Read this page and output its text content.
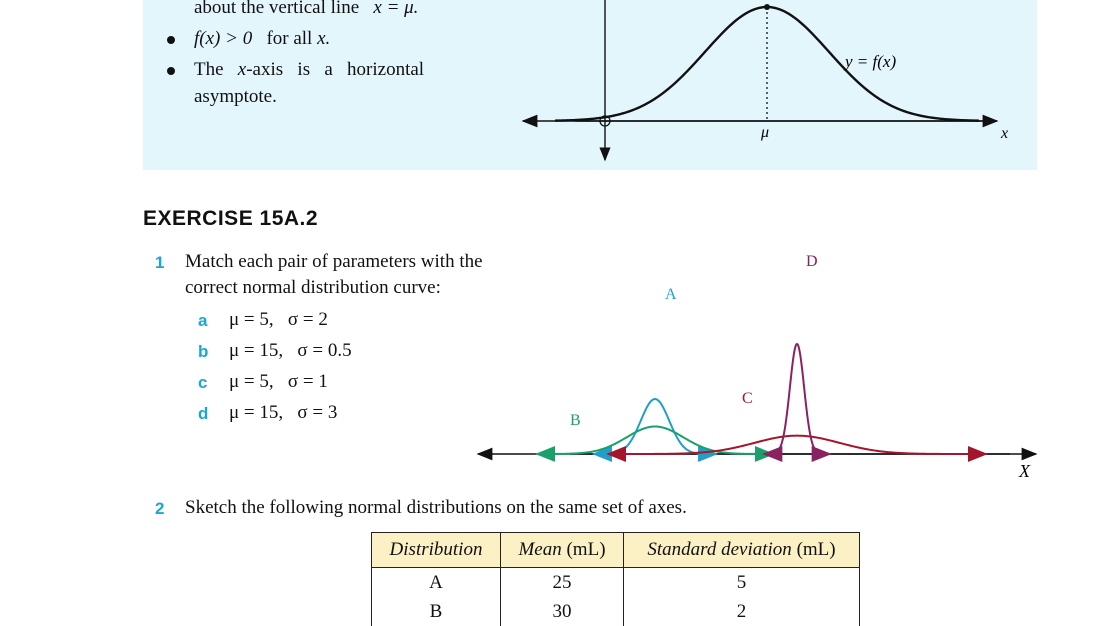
about the vertical line x = μ.
f(x) > 0 for all x.
The x-axis   is   a   horizontal
asymptote.
y = f(x)
μ	x
EXERCISE 15A.2
1 Match each pair of parameters with the
correct normal distribution curve:
a μ = 5,   σ = 2
b μ = 15,   σ = 0.5
c μ = 5,   σ = 1
d μ = 15,   σ = 3
A
B
C
D
X
2 Sketch the following normal distributions on the same set of axes.
Distribution	Mean (mL)	Standard deviation (mL)
A	25	5
B	30	2
